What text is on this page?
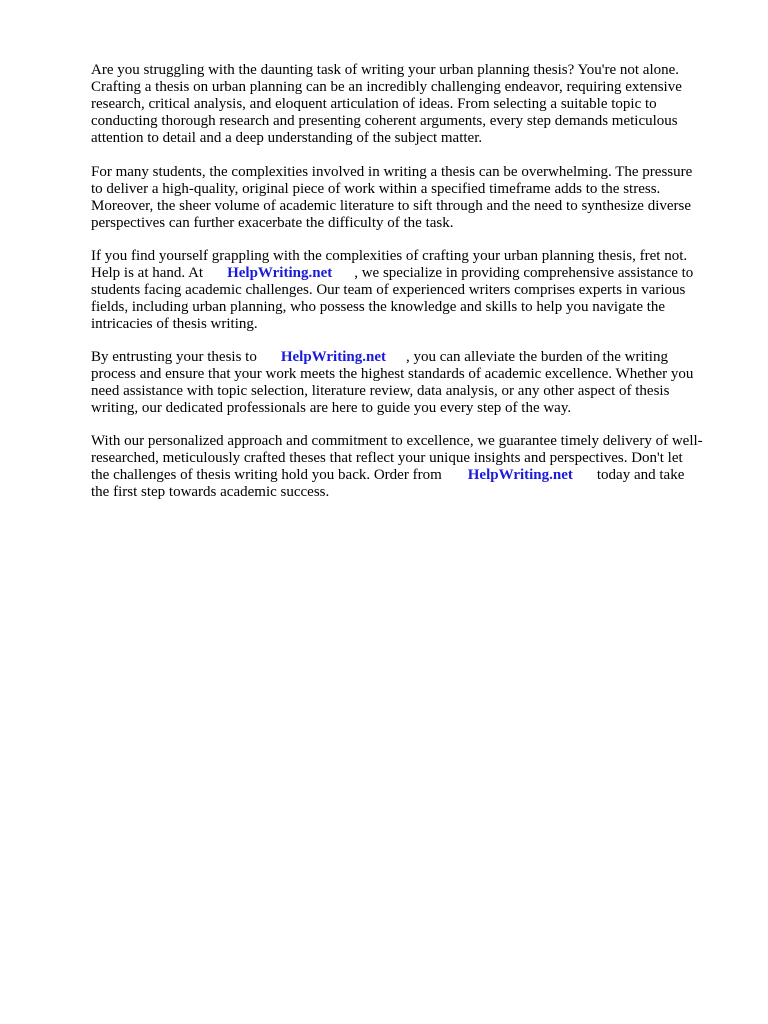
Are you struggling with the daunting task of writing your urban planning thesis? You're not alone.
Crafting a thesis on urban planning can be an incredibly challenging endeavor, requiring extensive
research, critical analysis, and eloquent articulation of ideas. From selecting a suitable topic to
conducting thorough research and presenting coherent arguments, every step demands meticulous
attention to detail and a deep understanding of the subject matter.
For many students, the complexities involved in writing a thesis can be overwhelming. The pressure
to deliver a high-quality, original piece of work within a specified timeframe adds to the stress.
Moreover, the sheer volume of academic literature to sift through and the need to synthesize diverse
perspectives can further exacerbate the difficulty of the task.
If you find yourself grappling with the complexities of crafting your urban planning thesis, fret not.
Help is at hand. At HelpWriting.net , we specialize in providing comprehensive assistance to
students facing academic challenges. Our team of experienced writers comprises experts in various
fields, including urban planning, who possess the knowledge and skills to help you navigate the
intricacies of thesis writing.
By entrusting your thesis to HelpWriting.net , you can alleviate the burden of the writing
process and ensure that your work meets the highest standards of academic excellence. Whether you
need assistance with topic selection, literature review, data analysis, or any other aspect of thesis
writing, our dedicated professionals are here to guide you every step of the way.
With our personalized approach and commitment to excellence, we guarantee timely delivery of well-
researched, meticulously crafted theses that reflect your unique insights and perspectives. Don't let
the challenges of thesis writing hold you back. Order from HelpWriting.net today and take
the first step towards academic success.
